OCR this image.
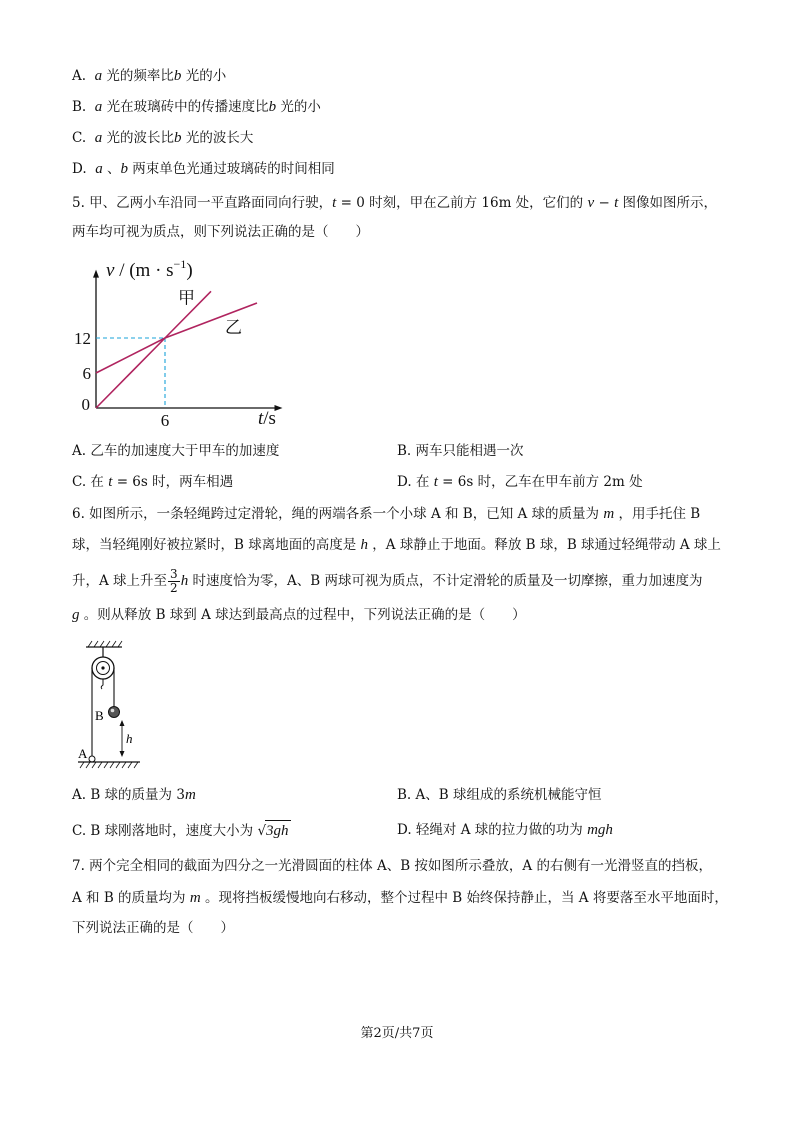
A.  a 光的频率比b 光的小
B.  a 光在玻璃砖中的传播速度比b 光的小
C.  a 光的波长比b 光的波长大
D.  a 、b 两束单色光通过玻璃砖的时间相同
5. 甲、乙两小车沿同一平直路面同向行驶，t = 0 时刻，甲在乙前方 16m 处，它们的 v − t 图像如图所示，
两车均可视为质点，则下列说法正确的是（　　）
甲
乙
0
6
6
12
$v / (m \cdot s^{-1})$
t/s
A. 乙车的加速度大于甲车的加速度	B. 两车只能相遇一次
C. 在 t = 6s 时，两车相遇	D. 在 t = 6s 时，乙车在甲车前方 2m 处
6. 如图所示，一条轻绳跨过定滑轮，绳的两端各系一个小球 A 和 B，已知 A 球的质量为 m ，用手托住 B
球，当轻绳刚好被拉紧时，B 球离地面的高度是 h ，A 球静止于地面。释放 B 球，B 球通过轻绳带动 A 球上
升，A 球上升至 $\frac{3}{2}$ h 时速度恰为零，A、B 两球可视为质点，不计定滑轮的质量及一切摩擦，重力加速度为
g 。则从释放 B 球到 A 球达到最高点的过程中，下列说法正确的是（　　）
B
h
A
A. B 球的质量为 3m	B. A、B 球组成的系统机械能守恒
C. B 球刚落地时，速度大小为 √3gh	D. 轻绳对 A 球的拉力做的功为 mgh
7. 两个完全相同的截面为四分之一光滑圆面的柱体 A、B 按如图所示叠放，A 的右侧有一光滑竖直的挡板，
A 和 B 的质量均为 m 。现将挡板缓慢地向右移动，整个过程中 B 始终保持静止，当 A 将要落至水平地面时，
下列说法正确的是（　　）
第2页/共7页
